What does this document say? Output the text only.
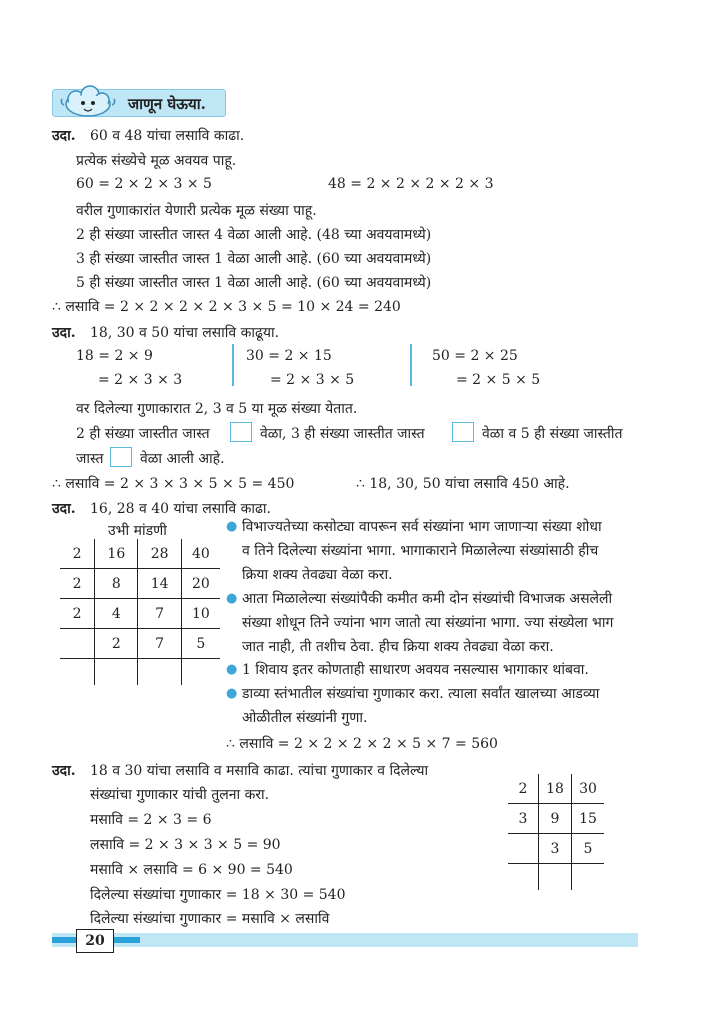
जाणून घेऊया.
उदा. 60 व 48 यांचा लसावि काढा.
प्रत्येक संख्येचे मूळ अवयव पाहू.
60 = 2 × 2 × 3 × 5	48 = 2 × 2 × 2 × 2 × 3
वरील गुणाकारांत येणारी प्रत्येक मूळ संख्या पाहू.
2 ही संख्या जास्तीत जास्त 4 वेळा आली आहे. (48 च्या अवयवामध्ये)
3 ही संख्या जास्तीत जास्त 1 वेळा आली आहे. (60 च्या अवयवामध्ये)
5 ही संख्या जास्तीत जास्त 1 वेळा आली आहे. (60 च्या अवयवामध्ये)
∴ लसावि = 2 × 2 × 2 × 2 × 3 × 5 = 10 × 24 = 240
उदा. 18, 30 व 50 यांचा लसावि काढूया.
18 = 2 × 9
= 2 × 3 × 3
30 = 2 × 15
= 2 × 3 × 5
50 = 2 × 25
= 2 × 5 × 5
वर दिलेल्या गुणाकारात 2, 3 व 5 या मूळ संख्या येतात.
2 ही संख्या जास्तीत जास्त	वेळा, 3 ही संख्या जास्तीत जास्त	वेळा व 5 ही संख्या जास्तीत
जास्त	वेळा आली आहे.
∴ लसावि = 2 × 3 × 3 × 5 × 5 = 450	∴ 18, 30, 50 यांचा लसावि 450 आहे.
उदा. 16, 28 व 40 यांचा लसावि काढा.
उभी मांडणी
2	16	28	40
2	8	14	20
2	4	7	10
	2	7	5

● विभाज्यतेच्या कसोट्या वापरून सर्व संख्यांना भाग जाणाऱ्या संख्या शोधा
व तिने दिलेल्या संख्यांना भागा. भागाकाराने मिळालेल्या संख्यांसाठी हीच
क्रिया शक्य तेवढ्या वेळा करा.
● आता मिळालेल्या संख्यांपैकी कमीत कमी दोन संख्यांची विभाजक असलेली
संख्या शोधून तिने ज्यांना भाग जातो त्या संख्यांना भागा. ज्या संख्येला भाग
जात नाही, ती तशीच ठेवा. हीच क्रिया शक्य तेवढ्या वेळा करा.
● 1 शिवाय इतर कोणताही साधारण अवयव नसल्यास भागाकार थांबवा.
● डाव्या स्तंभातील संख्यांचा गुणाकार करा. त्याला सर्वांत खालच्या आडव्या
ओळीतील संख्यांनी गुणा.
∴ लसावि = 2 × 2 × 2 × 2 × 5 × 7 = 560
उदा. 18 व 30 यांचा लसावि व मसावि काढा. त्यांचा गुणाकार व दिलेल्या
संख्यांचा गुणाकार यांची तुलना करा.
मसावि = 2 × 3 = 6
लसावि = 2 × 3 × 3 × 5 = 90
मसावि × लसावि = 6 × 90 = 540
दिलेल्या संख्यांचा गुणाकार = 18 × 30 = 540
दिलेल्या संख्यांचा गुणाकार = मसावि × लसावि
2	18	30
3	9	15
	3	5

20
